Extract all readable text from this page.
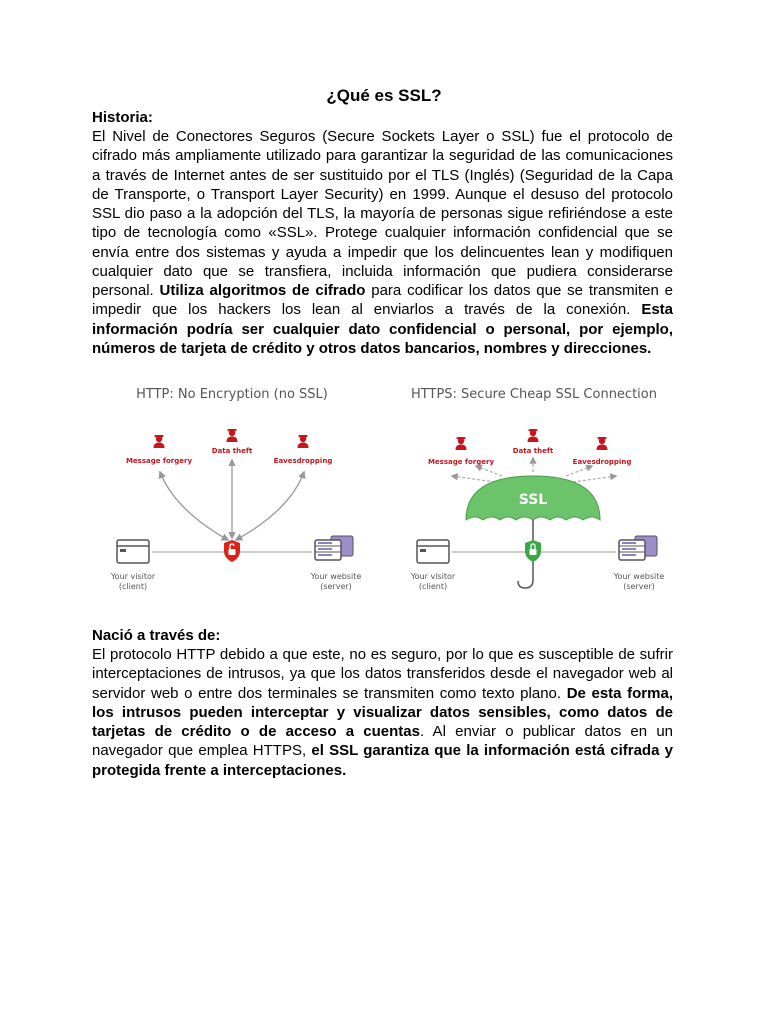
¿Qué es SSL?
Historia:

El Nivel de Conectores Seguros (Secure Sockets Layer o SSL) fue el protocolo de cifrado más ampliamente utilizado para garantizar la seguridad de las comunicaciones a través de Internet antes de ser sustituido por el TLS (Inglés) (Seguridad de la Capa de Transporte, o Transport Layer Security) en 1999. Aunque el desuso del protocolo SSL dio paso a la adopción del TLS, la mayoría de personas sigue refiriéndose a este tipo de tecnología como «SSL». Protege cualquier información confidencial que se envía entre dos sistemas y ayuda a impedir que los delincuentes lean y modifiquen cualquier dato que se transfiera, incluida información que pudiera considerarse personal. Utiliza algoritmos de cifrado para codificar los datos que se transmiten e impedir que los hackers los lean al enviarlos a través de la conexión. Esta información podría ser cualquier dato confidencial o personal, por ejemplo, números de tarjeta de crédito y otros datos bancarios, nombres y direcciones.

HTTP: No Encryption (no SSL)
Message forgery
Data theft
Eavesdropping
Your visitor
(client)
Your website
(server)
HTTPS: Secure Cheap SSL Connection
Message forgery
Data theft
Eavesdropping
SSL
Your visitor
(client)
Your website
(server)
Nació a través de:

El protocolo HTTP debido a que este, no es seguro, por lo que es susceptible de sufrir interceptaciones de intrusos, ya que los datos transferidos desde el navegador web al servidor web o entre dos terminales se transmiten como texto plano. De esta forma, los intrusos pueden interceptar y visualizar datos sensibles, como datos de tarjetas de crédito o de acceso a cuentas. Al enviar o publicar datos en un navegador que emplea HTTPS, el SSL garantiza que la información está cifrada y protegida frente a interceptaciones.
